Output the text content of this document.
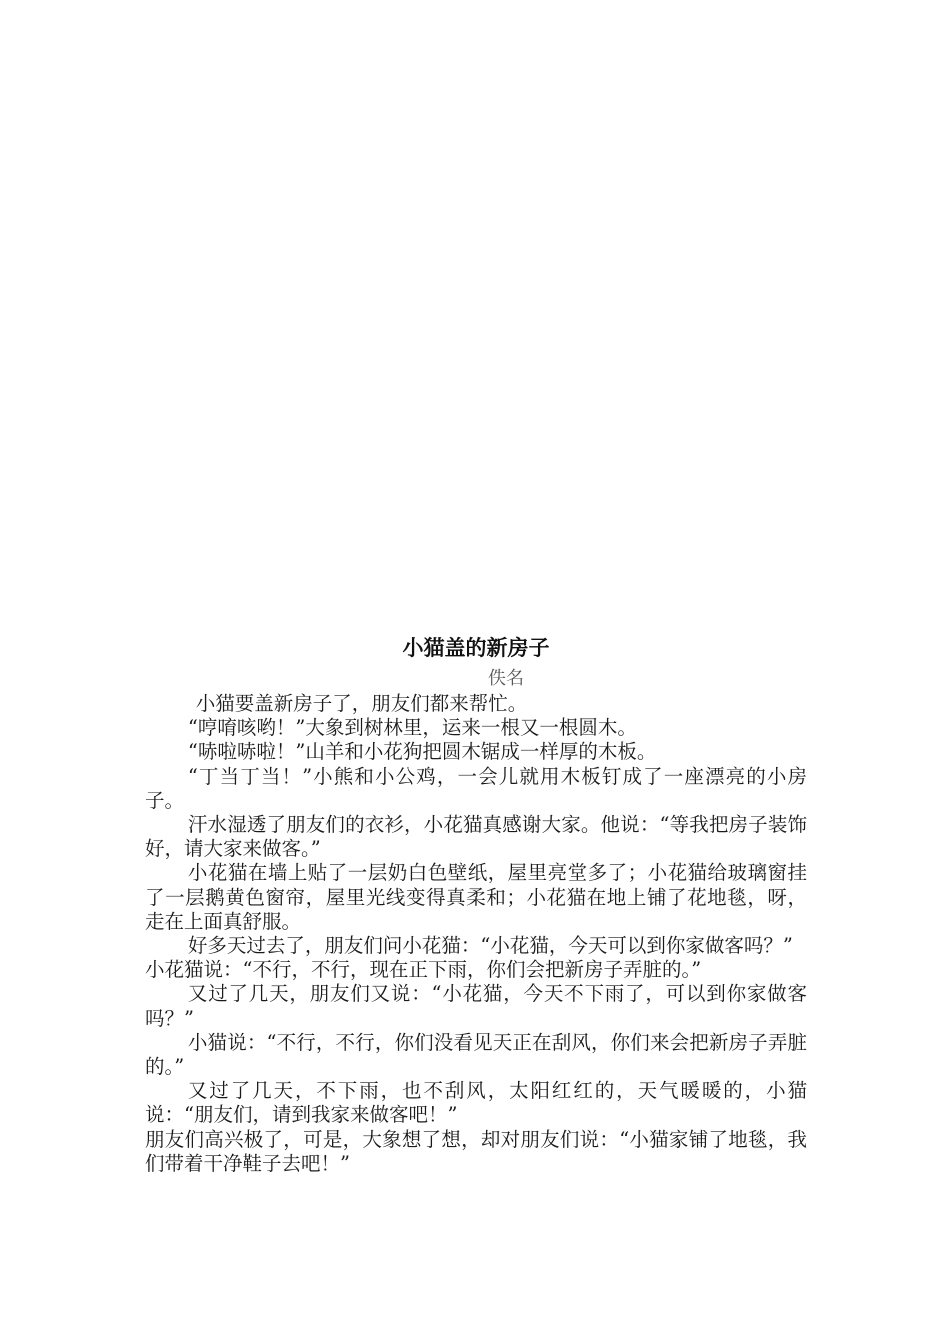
小猫盖的新房子
佚名

小猫要盖新房子了，朋友们都来帮忙。

“哼唷咳哟！”大象到树林里，运来一根又一根圆木。

“哧啦哧啦！”山羊和小花狗把圆木锯成一样厚的木板。

“丁当丁当！”小熊和小公鸡，一会儿就用木板钉成了一座漂亮的小房子。

汗水湿透了朋友们的衣衫，小花猫真感谢大家。他说：“等我把房子装饰好，请大家来做客。”

小花猫在墙上贴了一层奶白色壁纸，屋里亮堂多了；小花猫给玻璃窗挂了一层鹅黄色窗帘，屋里光线变得真柔和；小花猫在地上铺了花地毯，呀，走在上面真舒服。

好多天过去了，朋友们问小花猫：“小花猫，今天可以到你家做客吗？”

小花猫说：“不行，不行，现在正下雨，你们会把新房子弄脏的。”

又过了几天，朋友们又说：“小花猫，今天不下雨了，可以到你家做客吗？”

小猫说：“不行，不行，你们没看见天正在刮风，你们来会把新房子弄脏的。”

又过了几天，不下雨，也不刮风，太阳红红的，天气暖暖的，小猫说：“朋友们，请到我家来做客吧！”

朋友们高兴极了，可是，大象想了想，却对朋友们说：“小猫家铺了地毯，我们带着干净鞋子去吧！”
